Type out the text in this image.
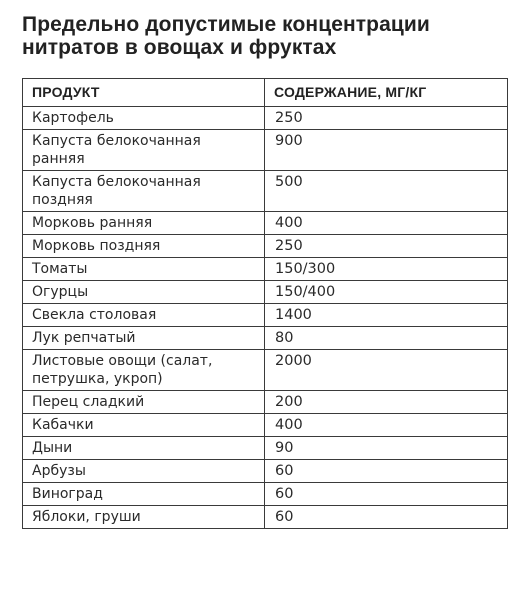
Предельно допустимые концентрации
нитратов в овощах и фруктах
ПРОДУКТ	СОДЕРЖАНИЕ, МГ/КГ
Картофель	250
Капуста белокочанная ранняя	900
Капуста белокочанная поздняя	500
Морковь ранняя	400
Морковь поздняя	250
Томаты	150/300
Огурцы	150/400
Свекла столовая	1400
Лук репчатый	80
Листовые овощи (салат, петрушка, укроп)	2000
Перец сладкий	200
Кабачки	400
Дыни	90
Арбузы	60
Виноград	60
Яблоки, груши	60
